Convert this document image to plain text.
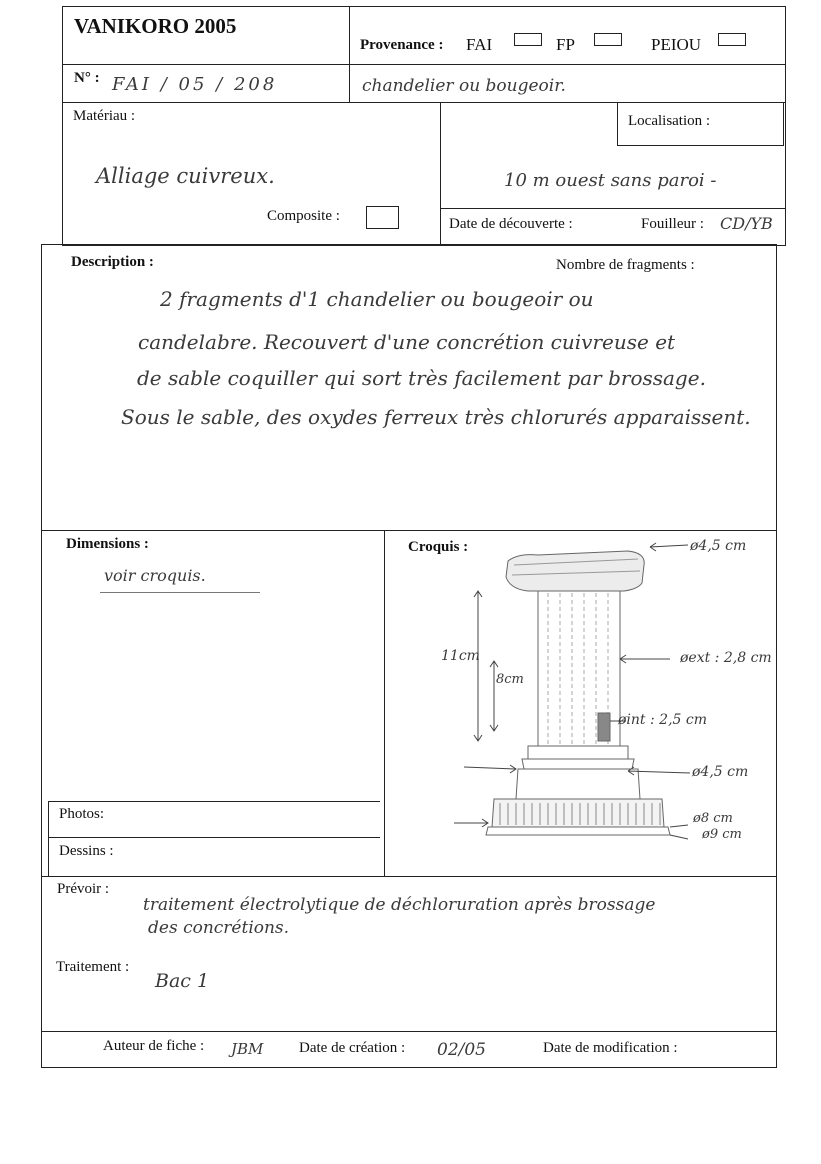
VANIKORO 2005
Provenance : FAI	FP	PEIOU
N° : FAI / 05 / 208	chandelier ou bougeoir.
Matériau :
Alliage cuivreux.
Composite :
Localisation :
10 m ouest sans paroi -
Date de découverte :	Fouilleur : CD/YB
Description :	Nombre de fragments :
2 fragments d'1 chandelier ou bougeoir ou
candelabre. Recouvert d'une concrétion cuivreuse et
de sable coquiller qui sort très facilement par brossage.
Sous le sable, des oxydes ferreux très chlorurés apparaissent.
Dimensions :
voir croquis.
Croquis :	ø4,5 cm
11cm
8cm
øext : 2,8 cm
øint : 2,5 cm
ø4,5 cm
ø8 cm
ø9 cm
Photos:
Dessins :
Prévoir :
traitement électrolytique de déchloruration après brossage
des concrétions.
Traitement :
Bac 1
Auteur de fiche : JBM Date de création : 02/05	Date de modification :
